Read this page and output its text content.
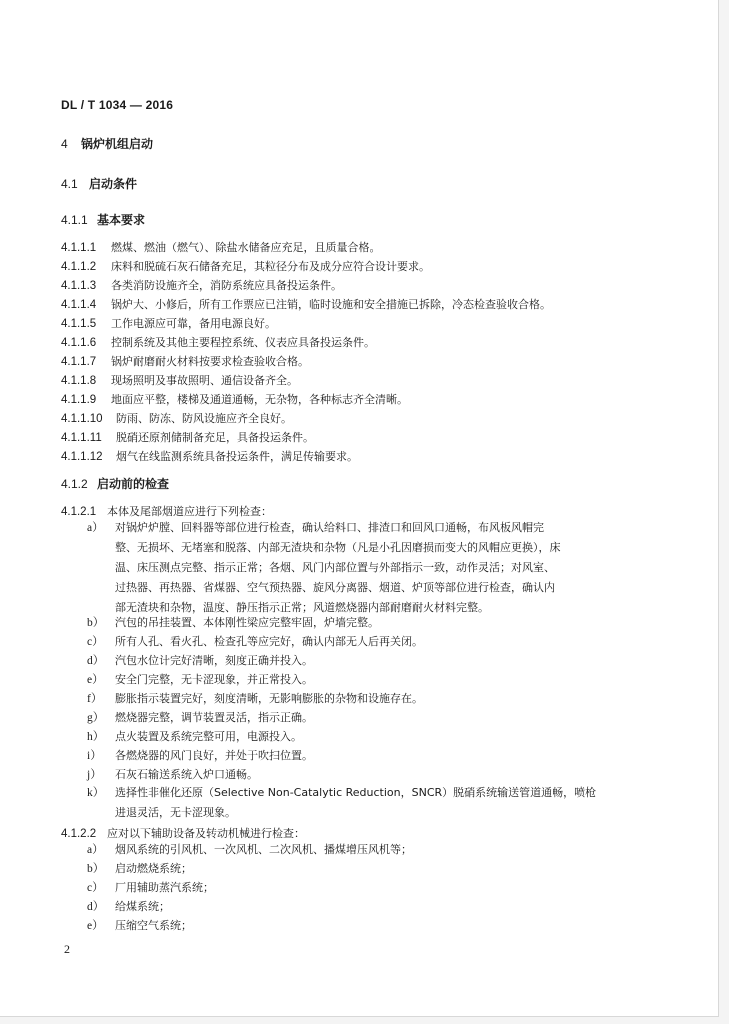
DL / T 1034 — 2016
4 锅炉机组启动
4.1 启动条件
4.1.1 基本要求
4.1.1.1 燃煤、燃油（燃气）、除盐水储备应充足，且质量合格。
4.1.1.2 床料和脱硫石灰石储备充足，其粒径分布及成分应符合设计要求。
4.1.1.3 各类消防设施齐全，消防系统应具备投运条件。
4.1.1.4 锅炉大、小修后，所有工作票应已注销，临时设施和安全措施已拆除，冷态检查验收合格。
4.1.1.5 工作电源应可靠，备用电源良好。
4.1.1.6 控制系统及其他主要程控系统、仪表应具备投运条件。
4.1.1.7 锅炉耐磨耐火材料按要求检查验收合格。
4.1.1.8 现场照明及事故照明、通信设备齐全。
4.1.1.9 地面应平整，楼梯及通道通畅，无杂物，各种标志齐全清晰。
4.1.1.10 防雨、防冻、防风设施应齐全良好。
4.1.1.11 脱硝还原剂储制备充足，具备投运条件。
4.1.1.12 烟气在线监测系统具备投运条件，满足传输要求。
4.1.2 启动前的检查
4.1.2.1 本体及尾部烟道应进行下列检查：
a） 对锅炉炉膛、回料器等部位进行检查，确认给料口、排渣口和回风口通畅，布风板风帽完
整、无损坏、无堵塞和脱落、内部无渣块和杂物（凡是小孔因磨损而变大的风帽应更换），床
温、床压测点完整、指示正常；各烟、风门内部位置与外部指示一致，动作灵活；对风室、
过热器、再热器、省煤器、空气预热器、旋风分离器、烟道、炉顶等部位进行检查，确认内
部无渣块和杂物，温度、静压指示正常；风道燃烧器内部耐磨耐火材料完整。
b） 汽包的吊挂装置、本体刚性梁应完整牢固，炉墙完整。
c） 所有人孔、看火孔、检查孔等应完好，确认内部无人后再关闭。
d） 汽包水位计完好清晰，刻度正确并投入。
e） 安全门完整，无卡涩现象，并正常投入。
f） 膨胀指示装置完好，刻度清晰，无影响膨胀的杂物和设施存在。
g） 燃烧器完整，调节装置灵活，指示正确。
h） 点火装置及系统完整可用，电源投入。
i） 各燃烧器的风门良好，并处于吹扫位置。
j） 石灰石输送系统入炉口通畅。
k） 选择性非催化还原（Selective Non-Catalytic Reduction，SNCR）脱硝系统输送管道通畅，喷枪
进退灵活，无卡涩现象。
4.1.2.2 应对以下辅助设备及转动机械进行检查：
a） 烟风系统的引风机、一次风机、二次风机、播煤增压风机等；
b） 启动燃烧系统；
c） 厂用辅助蒸汽系统；
d） 给煤系统；
e） 压缩空气系统；
2
